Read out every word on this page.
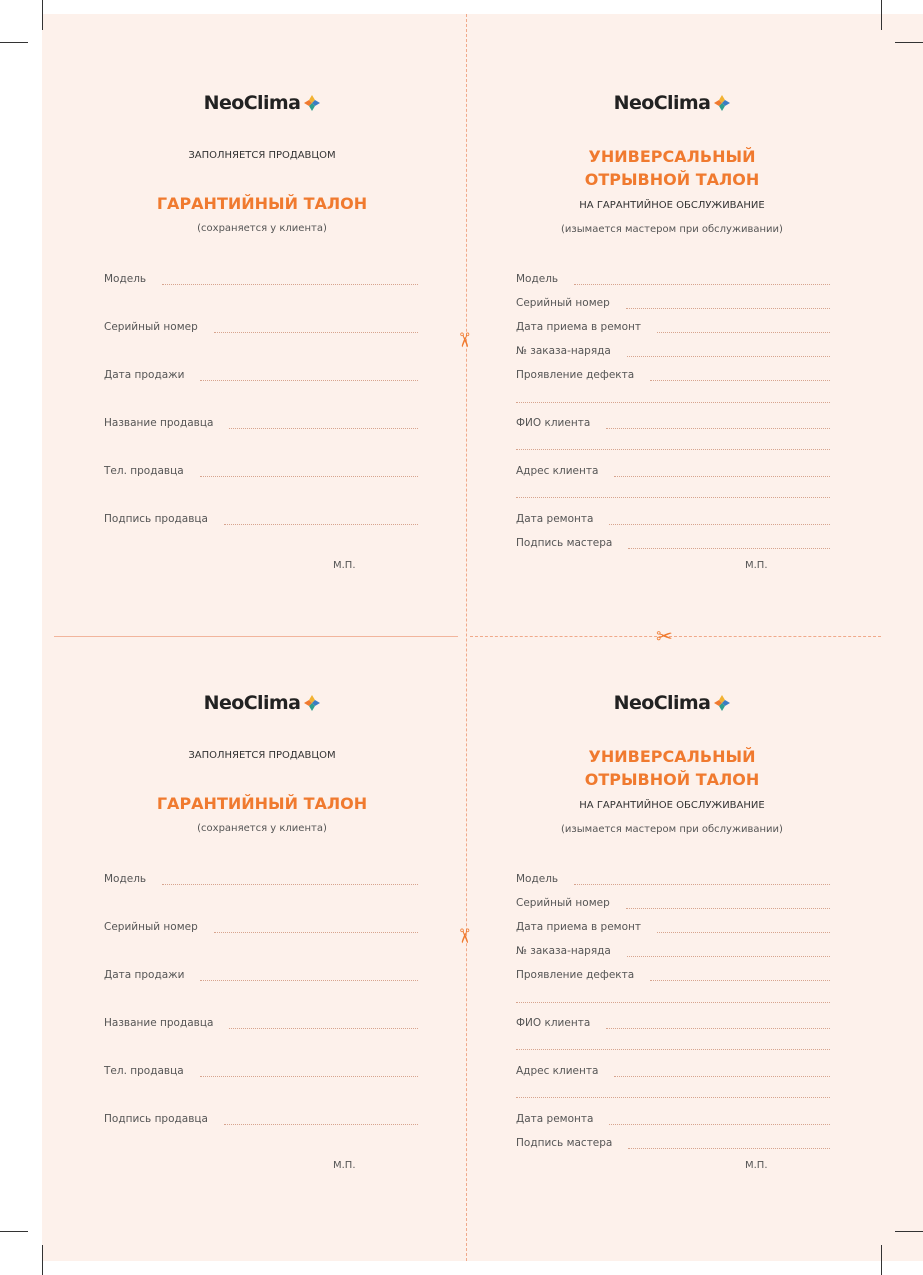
✂
✂
✂
NeoClima
ЗАПОЛНЯЕТСЯ ПРОДАВЦОМ
ГАРАНТИЙНЫЙ ТАЛОН
(сохраняется у клиента)
Модель
Серийный номер
Дата продажи
Название продавца
Тел. продавца
Подпись продавца
М.П.
NeoClima
УНИВЕРСАЛЬНЫЙ
ОТРЫВНОЙ ТАЛОН
НА ГАРАНТИЙНОЕ ОБСЛУЖИВАНИЕ
(изымается мастером при обслуживании)
Модель
Серийный номер
Дата приема в ремонт
№ заказа-наряда
Проявление дефекта
ФИО клиента
Адрес клиента
Дата ремонта
Подпись мастера
М.П.
NeoClima
ЗАПОЛНЯЕТСЯ ПРОДАВЦОМ
ГАРАНТИЙНЫЙ ТАЛОН
(сохраняется у клиента)
Модель
Серийный номер
Дата продажи
Название продавца
Тел. продавца
Подпись продавца
М.П.
NeoClima
УНИВЕРСАЛЬНЫЙ
ОТРЫВНОЙ ТАЛОН
НА ГАРАНТИЙНОЕ ОБСЛУЖИВАНИЕ
(изымается мастером при обслуживании)
Модель
Серийный номер
Дата приема в ремонт
№ заказа-наряда
Проявление дефекта
ФИО клиента
Адрес клиента
Дата ремонта
Подпись мастера
М.П.
